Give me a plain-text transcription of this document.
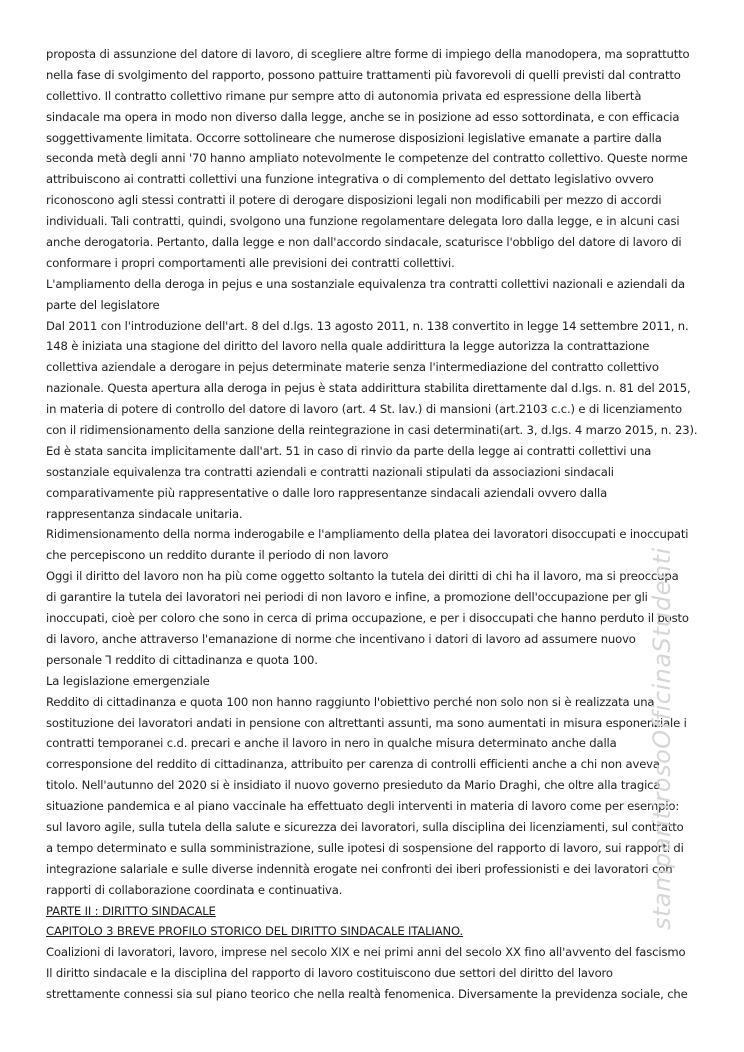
proposta di assunzione del datore di lavoro, di scegliere altre forme di impiego della manodopera, ma soprattutto
nella fase di svolgimento del rapporto, possono pattuire trattamenti più favorevoli di quelli previsti dal contratto
collettivo. Il contratto collettivo rimane pur sempre atto di autonomia privata ed espressione della libertà
sindacale ma opera in modo non diverso dalla legge, anche se in posizione ad esso sottordinata, e con efficacia
soggettivamente limitata. Occorre sottolineare che numerose disposizioni legislative emanate a partire dalla
seconda metà degli anni '70 hanno ampliato notevolmente le competenze del contratto collettivo. Queste norme
attribuiscono ai contratti collettivi una funzione integrativa o di complemento del dettato legislativo ovvero
riconoscono agli stessi contratti il potere di derogare disposizioni legali non modificabili per mezzo di accordi
individuali. Tali contratti, quindi, svolgono una funzione regolamentare delegata loro dalla legge, e in alcuni casi
anche derogatoria. Pertanto, dalla legge e non dall'accordo sindacale, scaturisce l'obbligo del datore di lavoro di
conformare i propri comportamenti alle previsioni dei contratti collettivi.
L'ampliamento della deroga in pejus e una sostanziale equivalenza tra contratti collettivi nazionali e aziendali da
parte del legislatore
Dal 2011 con l'introduzione dell'art. 8 del d.lgs. 13 agosto 2011, n. 138 convertito in legge 14 settembre 2011, n.
148 è iniziata una stagione del diritto del lavoro nella quale addirittura la legge autorizza la contrattazione
collettiva aziendale a derogare in pejus determinate materie senza l'intermediazione del contratto collettivo
nazionale. Questa apertura alla deroga in pejus è stata addirittura stabilita direttamente dal d.lgs. n. 81 del 2015,
in materia di potere di controllo del datore di lavoro (art. 4 St. lav.) di mansioni (art.2103 c.c.) e di licenziamento
con il ridimensionamento della sanzione della reintegrazione in casi determinati(art. 3, d.lgs. 4 marzo 2015, n. 23).
Ed è stata sancita implicitamente dall'art. 51 in caso di rinvio da parte della legge ai contratti collettivi una
sostanziale equivalenza tra contratti aziendali e contratti nazionali stipulati da associazioni sindacali
comparativamente più rappresentative o dalle loro rappresentanze sindacali aziendali ovvero dalla
rappresentanza sindacale unitaria.
Ridimensionamento della norma inderogabile e l'ampliamento della platea dei lavoratori disoccupati e inoccupati
che percepiscono un reddito durante il periodo di non lavoro
Oggi il diritto del lavoro non ha più come oggetto soltanto la tutela dei diritti di chi ha il lavoro, ma si preoccupa
di garantire la tutela dei lavoratori nei periodi di non lavoro e infine, a promozione dell'occupazione per gli
inoccupati, cioè per coloro che sono in cerca di prima occupazione, e per i disoccupati che hanno perduto il posto
di lavoro, anche attraverso l'emanazione di norme che incentivano i datori di lavoro ad assumere nuovo
personale ⅂ reddito di cittadinanza e quota 100.
La legislazione emergenziale
Reddito di cittadinanza e quota 100 non hanno raggiunto l'obiettivo perché non solo non si è realizzata una
sostituzione dei lavoratori andati in pensione con altrettanti assunti, ma sono aumentati in misura esponenziale i
contratti temporanei c.d. precari e anche il lavoro in nero in qualche misura determinato anche dalla
corresponsione del reddito di cittadinanza, attribuito per carenza di controlli efficienti anche a chi non aveva
titolo. Nell'autunno del 2020 si è insidiato il nuovo governo presieduto da Mario Draghi, che oltre alla tragica
situazione pandemica e al piano vaccinale ha effettuato degli interventi in materia di lavoro come per esempio:
sul lavoro agile, sulla tutela della salute e sicurezza dei lavoratori, sulla disciplina dei licenziamenti, sul contratto
a tempo determinato e sulla somministrazione, sulle ipotesi di sospensione del rapporto di lavoro, sui rapporti di
integrazione salariale e sulle diverse indennità erogate nei confronti dei iberi professionisti e dei lavoratori con
rapporti di collaborazione coordinata e continuativa.
PARTE II : DIRITTO SINDACALE
CAPITOLO 3 BREVE PROFILO STORICO DEL DIRITTO SINDACALE ITALIANO.
Coalizioni di lavoratori, lavoro, imprese nel secolo XIX e nei primi anni del secolo XX fino all'avvento del fascismo
Il diritto sindacale e la disciplina del rapporto di lavoro costituiscono due settori del diritto del lavoro
strettamente connessi sia sul piano teorico che nella realtà fenomenica. Diversamente la previdenza sociale, che
stamparitirosoOfficinaStudenti
